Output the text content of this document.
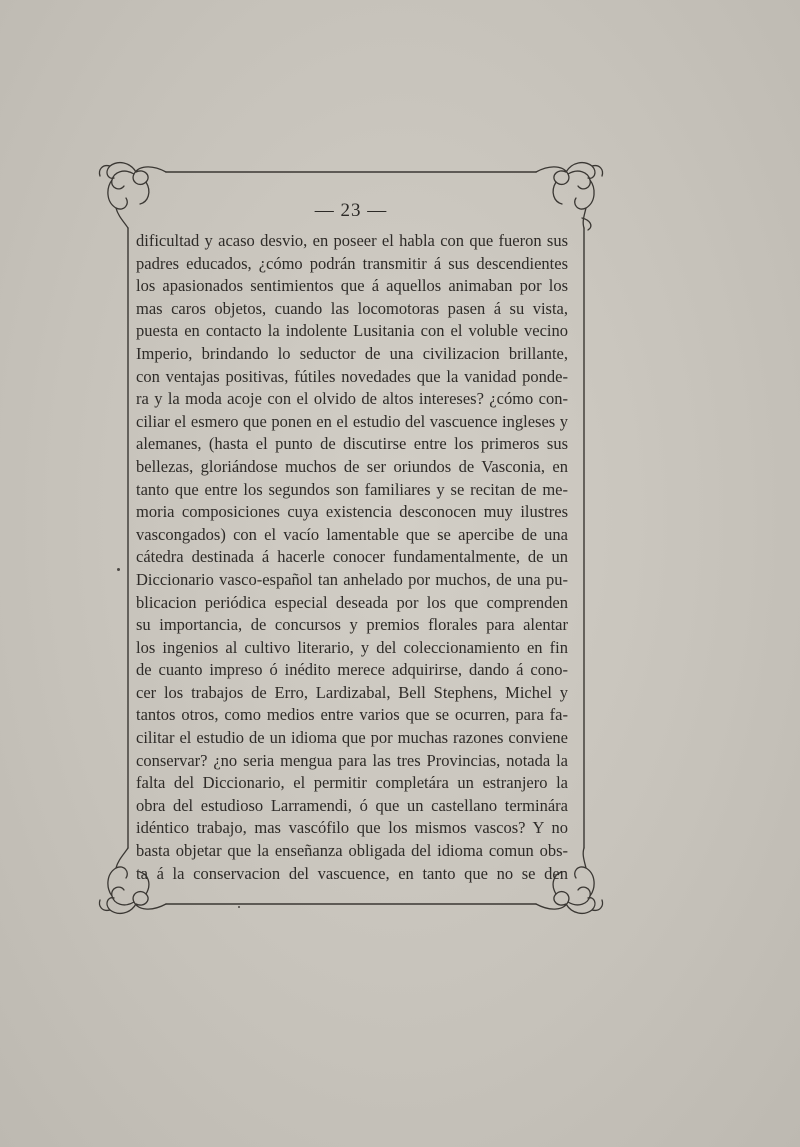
— 23 —
dificultad y acaso desvio, en poseer el habla con que fueron sus
padres educados, ¿cómo podrán transmitir á sus descendientes
los apasionados sentimientos que á aquellos animaban por los
mas caros objetos, cuando las locomotoras pasen á su vista,
puesta en contacto la indolente Lusitania con el voluble vecino
Imperio, brindando lo seductor de una civilizacion brillante,
con ventajas positivas, fútiles novedades que la vanidad ponde-
ra y la moda acoje con el olvido de altos intereses? ¿cómo con-
ciliar el esmero que ponen en el estudio del vascuence ingleses y
alemanes, (hasta el punto de discutirse entre los primeros sus
bellezas, gloriándose muchos de ser oriundos de Vasconia, en
tanto que entre los segundos son familiares y se recitan de me-
moria composiciones cuya existencia desconocen muy ilustres
vascongados) con el vacío lamentable que se apercibe de una
cátedra destinada á hacerle conocer fundamentalmente, de un
Diccionario vasco-español tan anhelado por muchos, de una pu-
blicacion periódica especial deseada por los que comprenden
su importancia, de concursos y premios florales para alentar
los ingenios al cultivo literario, y del coleccionamiento en fin
de cuanto impreso ó inédito merece adquirirse, dando á cono-
cer los trabajos de Erro, Lardizabal, Bell Stephens, Michel y
tantos otros, como medios entre varios que se ocurren, para fa-
cilitar el estudio de un idioma que por muchas razones conviene
conservar? ¿no seria mengua para las tres Provincias, notada la
falta del Diccionario, el permitir completára un estranjero la
obra del estudioso Larramendi, ó que un castellano terminára
idéntico trabajo, mas vascófilo que los mismos vascos? Y no
basta objetar que la enseñanza obligada del idioma comun obs-
ta á la conservacion del vascuence, en tanto que no se den
